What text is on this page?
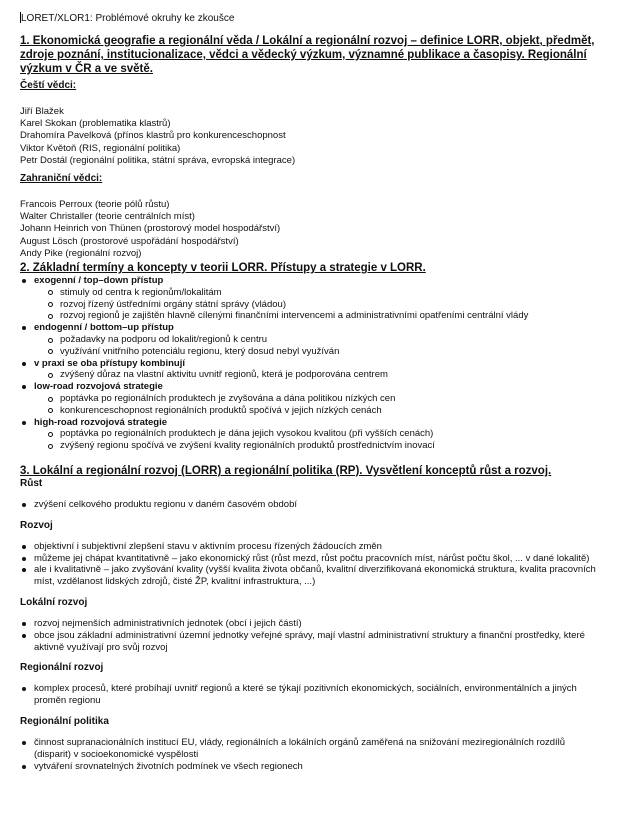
LORET/XLOR1: Problémové okruhy ke zkoušce

1. Ekonomická geografie a regionální věda / Lokální a regionální rozvoj – definice LORR, objekt, předmět, zdroje poznání, institucionalizace, vědci a vědecký výzkum, významné publikace a časopisy. Regionální výzkum v ČR a ve světě.

Čeští vědci:

Jiří Blažek
Karel Skokan (problematika klastrů)
Drahomíra Pavelková (přínos klastrů pro konkurenceschopnost
Viktor Květoň (RIS, regionální politika)
Petr Dostál (regionální politika, státní správa, evropská integrace)

Zahraniční vědci:

Francois Perroux (teorie pólů růstu)
Walter Christaller (teorie centrálních míst)
Johann Heinrich von Thünen (prostorový model hospodářství)
August Lösch (prostorové uspořádání hospodářství)
Andy Pike (regionální rozvoj)

2. Základní termíny a koncepty v teorii LORR. Přístupy a strategie v LORR.

exogenní / top–down přístup
stimuly od centra k regionům/lokalitám
rozvoj řízený ústředními orgány státní správy (vládou)
rozvoj regionů je zajištěn hlavně cílenými finančními intervencemi a administrativními opatřeními centrální vlády
endogenní / bottom–up přístup
požadavky na podporu od lokalit/regionů k centru
využívání vnitřního potenciálu regionu, který dosud nebyl využíván
v praxi se oba přístupy kombinují
zvýšený důraz na vlastní aktivitu uvnitř regionů, která je podporována centrem
low-road rozvojová strategie
poptávka po regionálních produktech je zvyšována a dána politikou nízkých cen
konkurenceschopnost regionálních produktů spočívá v jejich nízkých cenách
high-road rozvojová strategie
poptávka po regionálních produktech je dána jejich vysokou kvalitou (při vyšších cenách)
zvýšený regionu spočívá ve zvýšení kvality regionálních produktů prostřednictvím inovací

3. Lokální a regionální rozvoj (LORR) a regionální politika (RP). Vysvětlení konceptů růst a rozvoj.

Růst

zvýšení celkového produktu regionu v daném časovém období

Rozvoj

objektivní i subjektivní zlepšení stavu v aktivním procesu řízených žádoucích změn
můžeme jej chápat kvantitativně – jako ekonomický růst (růst mezd, růst počtu pracovních míst, nárůst počtu škol, ... v dané lokalitě)
ale i kvalitativně – jako zvyšování kvality (vyšší kvalita života občanů, kvalitní diverzifikovaná ekonomická struktura, kvalita pracovních míst, vzdělanost lidských zdrojů, čisté ŽP, kvalitní infrastruktura, ...)

Lokální rozvoj

rozvoj nejmenších administrativních jednotek (obcí i jejich částí)
obce jsou základní administrativní územní jednotky veřejné správy, mají vlastní administrativní struktury a finanční prostředky, které aktivně využívají pro svůj rozvoj

Regionální rozvoj

komplex procesů, které probíhají uvnitř regionů a které se týkají pozitivních ekonomických, sociálních, environmentálních a jiných proměn regionu

Regionální politika

činnost supranacionálních institucí EU, vlády, regionálních a lokálních orgánů zaměřená na snižování meziregionálních rozdílů (disparit) v socioekonomické vyspělosti
vytváření srovnatelných životních podmínek ve všech regionech
